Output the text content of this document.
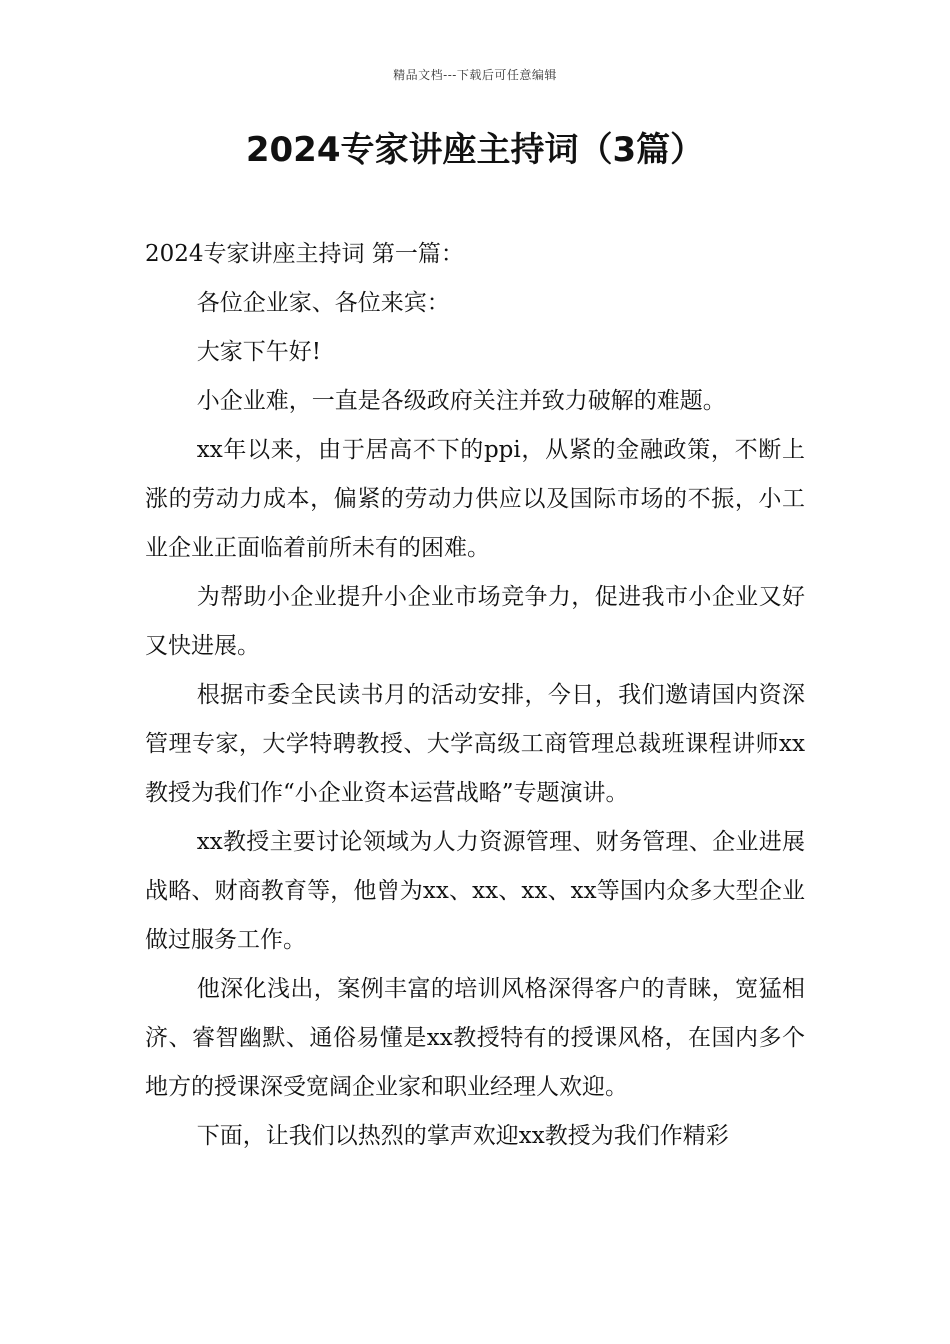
精品文档---下载后可任意编辑
2024专家讲座主持词（3篇）

2024专家讲座主持词 第一篇：

各位企业家、各位来宾：

大家下午好!

小企业难，一直是各级政府关注并致力破解的难题。

xx年以来，由于居高不下的ppi，从紧的金融政策，不断上涨的劳动力成本，偏紧的劳动力供应以及国际市场的不振，小工业企业正面临着前所未有的困难。

为帮助小企业提升小企业市场竞争力，促进我市小企业又好又快进展。

根据市委全民读书月的活动安排，今日，我们邀请国内资深管理专家，大学特聘教授、大学高级工商管理总裁班课程讲师xx教授为我们作“小企业资本运营战略”专题演讲。

xx教授主要讨论领域为人力资源管理、财务管理、企业进展战略、财商教育等，他曾为xx、xx、xx、xx等国内众多大型企业做过服务工作。

他深化浅出，案例丰富的培训风格深得客户的青睐，宽猛相济、睿智幽默、通俗易懂是xx教授特有的授课风格，在国内多个地方的授课深受宽阔企业家和职业经理人欢迎。

下面，让我们以热烈的掌声欢迎xx教授为我们作精彩
